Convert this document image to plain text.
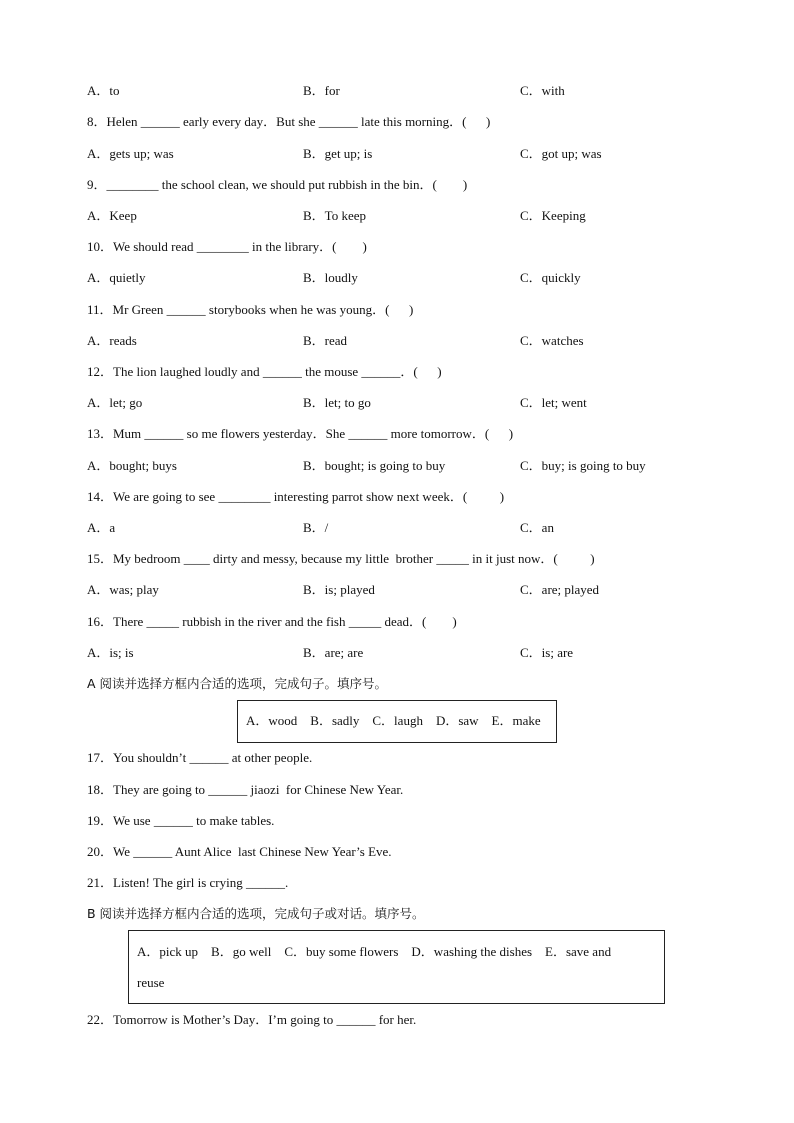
A．to	B．for	C．with
8．Helen ______ early every day．But she ______ late this morning．(      )
A．gets up; was	B．get up; is	C．got up; was
9．________ the school clean, we should put rubbish in the bin．(        )
A．Keep	B．To keep	C．Keeping
10．We should read ________ in the library．(        )
A．quietly	B．loudly	C．quickly
11．Mr Green ______ storybooks when he was young．(      )
A．reads	B．read	C．watches
12．The lion laughed loudly and ______ the mouse ______．(      )
A．let; go	B．let; to go	C．let; went
13．Mum ______ so me flowers yesterday．She ______ more tomorrow．(      )
A．bought; buys	B．bought; is going to buy	C．buy; is going to buy
14．We are going to see ________ interesting parrot show next week．(          )
A．a	B．/	C．an
15．My bedroom ____ dirty and messy, because my little  brother _____ in it just now．(          )
A．was; play	B．is; played	C．are; played
16．There _____ rubbish in the river and the fish _____ dead．(        )
A．is; is	B．are; are	C．is; are
A 阅读并选择方框内合适的选项，完成句子。填序号。
A．wood    B．sadly    C．laugh    D．saw    E．make
17．You shouldn’t ______ at other people.
18．They are going to ______ jiaozi  for Chinese New Year.
19．We use ______ to make tables.
20．We ______ Aunt Alice  last Chinese New Year’s Eve.
21．Listen! The girl is crying ______.
B 阅读并选择方框内合适的选项，完成句子或对话。填序号。
A．pick up    B．go well    C．buy some flowers    D．washing the dishes    E．save and
reuse
22．Tomorrow is Mother’s Day．I’m going to ______ for her.
